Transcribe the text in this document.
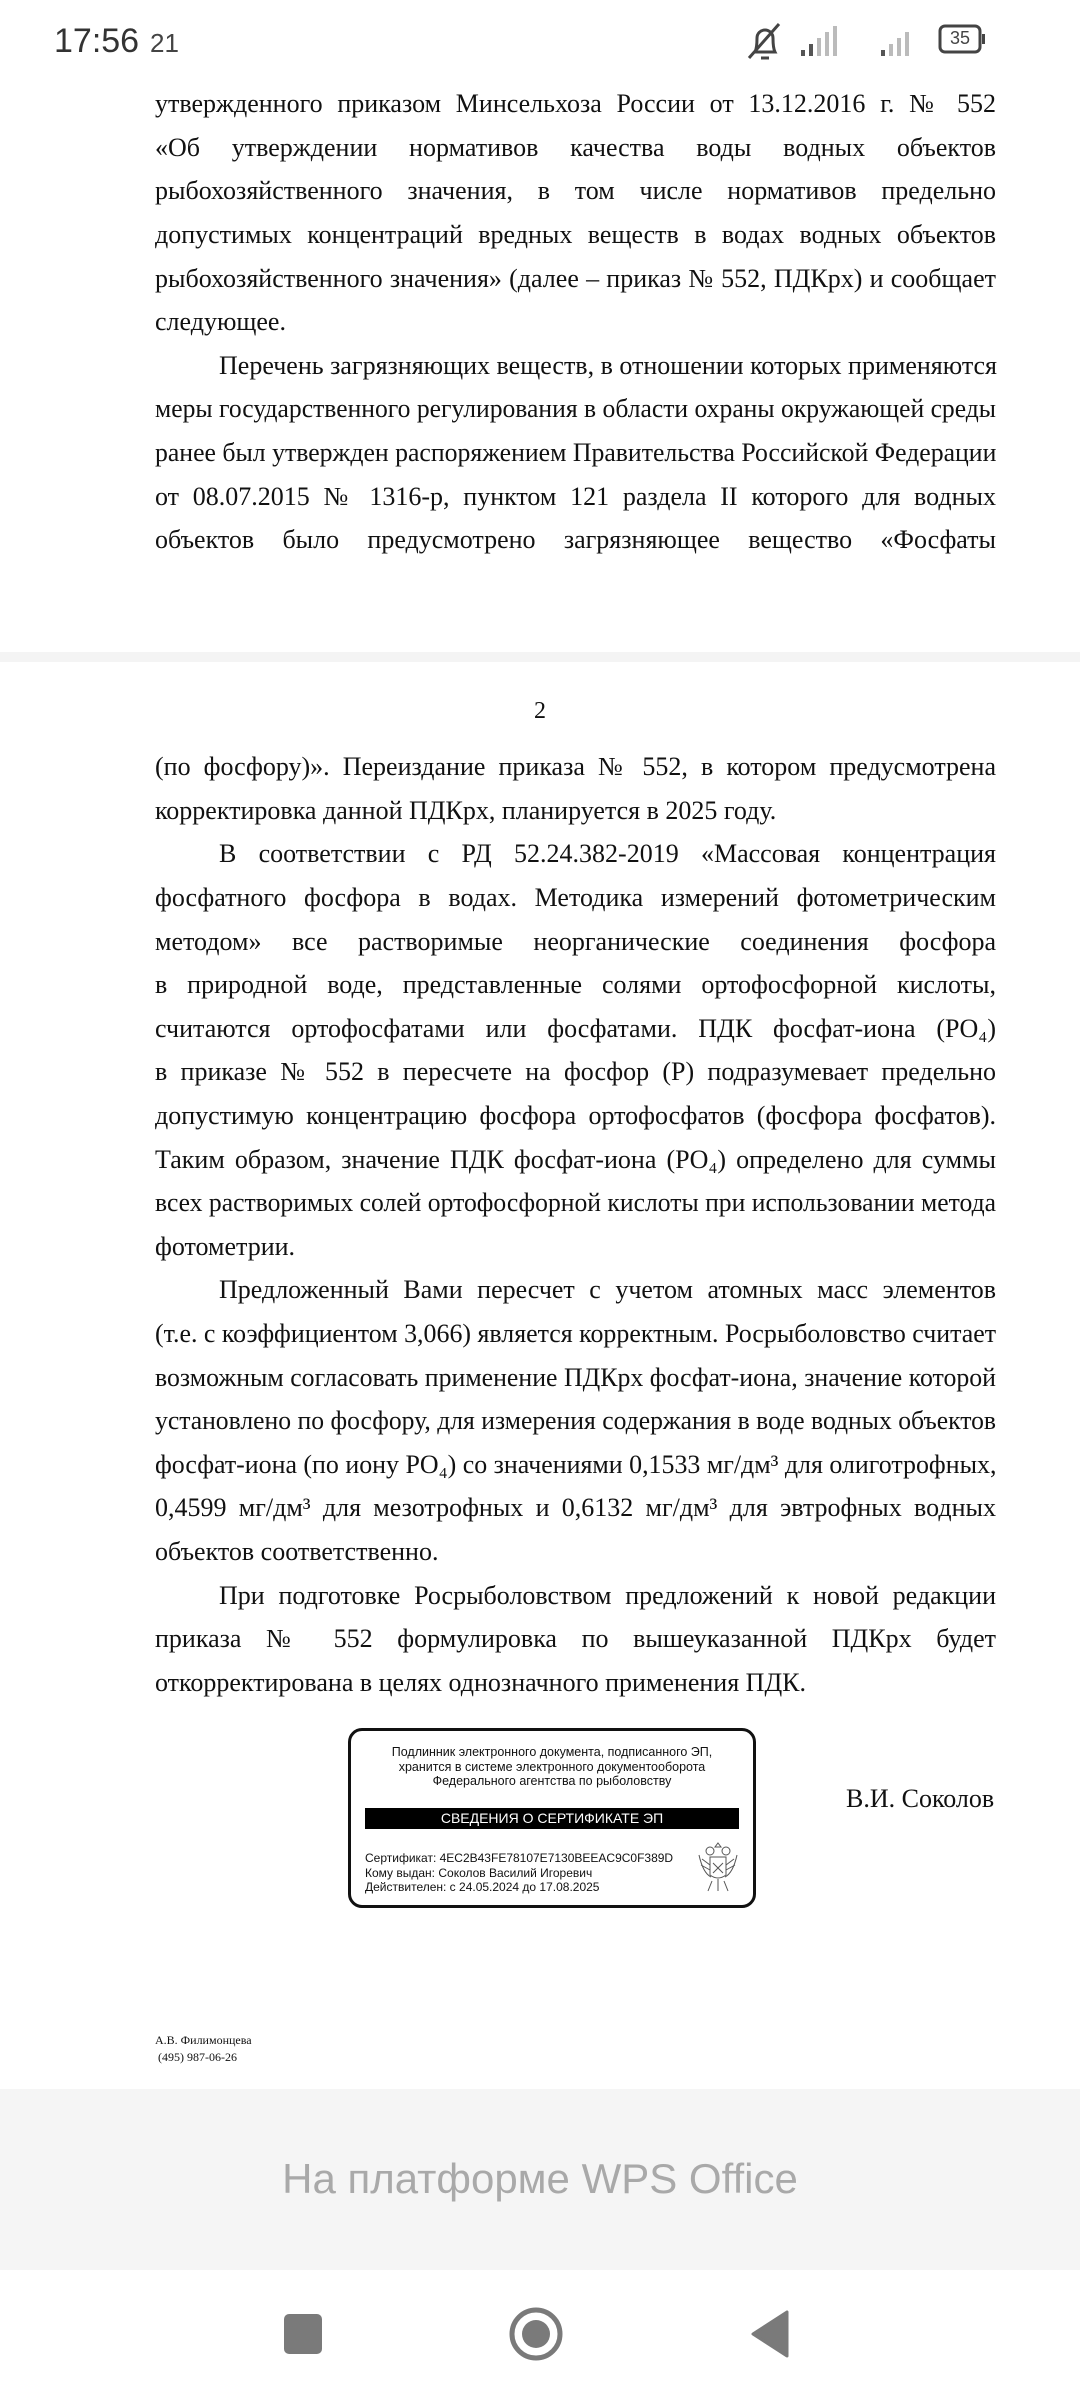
утвержденного приказом Минсельхоза России от 13.12.2016 г. № 552
«Об утверждении нормативов качества воды водных объектов
рыбохозяйственного значения, в том числе нормативов предельно
допустимых концентраций вредных веществ в водах водных объектов
рыбохозяйственного значения» (далее – приказ № 552, ПДКрх) и сообщает
следующее.
Перечень загрязняющих веществ, в отношении которых применяются
меры государственного регулирования в области охраны окружающей среды
ранее был утвержден распоряжением Правительства Российской Федерации
от 08.07.2015 № 1316-р, пунктом 121 раздела II которого для водных
объектов было предусмотрено загрязняющее вещество «Фосфаты
2
(по фосфору)». Переиздание приказа № 552, в котором предусмотрена
корректировка данной ПДКрх, планируется в 2025 году.
В соответствии с РД 52.24.382-2019 «Массовая концентрация
фосфатного фосфора в водах. Методика измерений фотометрическим
методом» все растворимые неорганические соединения фосфора
в природной воде, представленные солями ортофосфорной кислоты,
считаются ортофосфатами или фосфатами. ПДК фосфат-иона (PO₄)
в приказе № 552 в пересчете на фосфор (Р) подразумевает предельно
допустимую концентрацию фосфора ортофосфатов (фосфора фосфатов).
Таким образом, значение ПДК фосфат-иона (PO₄) определено для суммы
всех растворимых солей ортофосфорной кислоты при использовании метода
фотометрии.
Предложенный Вами пересчет с учетом атомных масс элементов
(т.е. с коэффициентом 3,066) является корректным. Росрыболовство считает
возможным согласовать применение ПДКрх фосфат-иона, значение которой
установлено по фосфору, для измерения содержания в воде водных объектов
фосфат-иона (по иону PO₄) со значениями 0,1533 мг/дм³ для олиготрофных,
0,4599 мг/дм³ для мезотрофных и 0,6132 мг/дм³ для эвтрофных водных
объектов соответственно.
При подготовке Росрыболовством предложений к новой редакции
приказа № 552 формулировка по вышеуказанной ПДКрх будет
откорректирована в целях однозначного применения ПДК.
Подлинник электронного документа, подписанного ЭП,
хранится в системе электронного документооборота
Федерального агентства по рыболовству
СВЕДЕНИЯ О СЕРТИФИКАТЕ ЭП
Сертификат: 4EC2B43FE78107E7130BEEAC9C0F389D
Кому выдан: Соколов Василий Игоревич
Действителен: с 24.05.2024 до 17.08.2025
В.И. Соколов
А.В. Филимонцева
(495) 987-06-26
17:56 21	35
На платформе WPS Office
